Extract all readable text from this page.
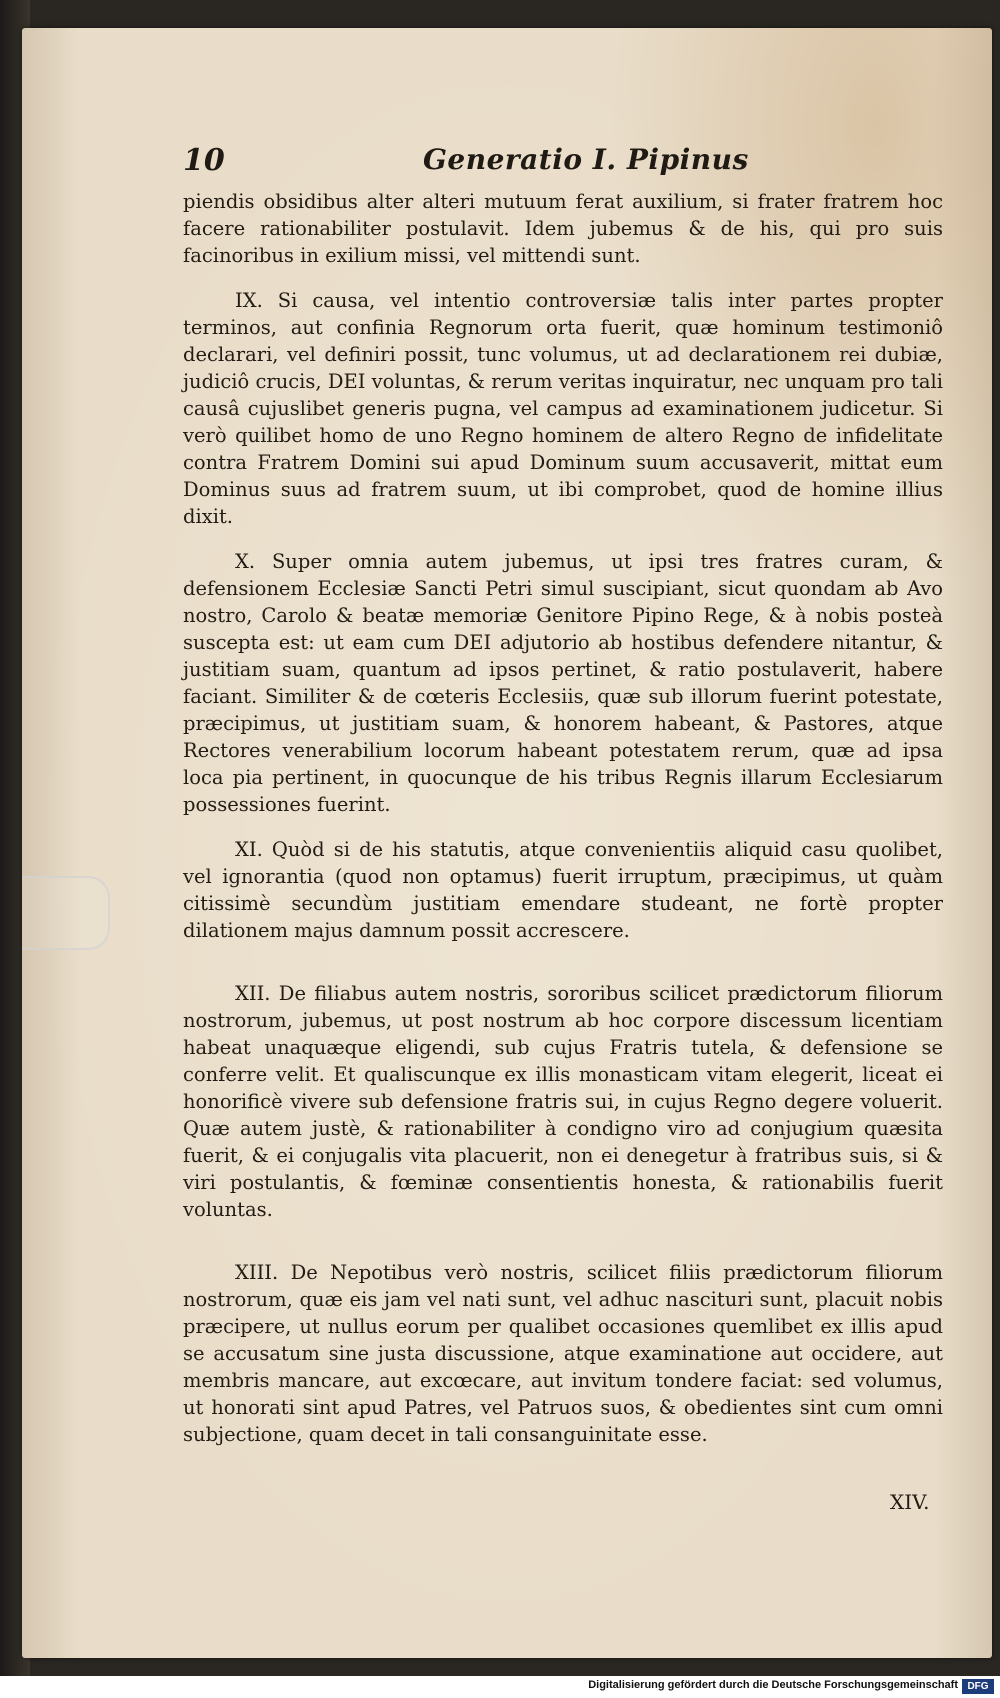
10	Generatio I. Pipinus

piendis obsidibus alter alteri mutuum ferat auxilium, si frater fratrem hoc facere rationabiliter postulavit. Idem jubemus & de his, qui pro suis facinoribus in exilium missi, vel mittendi sunt.

IX. Si causa, vel intentio controversiæ talis inter partes propter terminos, aut confinia Regnorum orta fuerit, quæ hominum testimoniô declarari, vel definiri possit, tunc volumus, ut ad declarationem rei dubiæ, judiciô crucis, DEI voluntas, & rerum veritas inquiratur, nec unquam pro tali causâ cujuslibet generis pugna, vel campus ad examinationem judicetur. Si verò quilibet homo de uno Regno hominem de altero Regno de infidelitate contra Fratrem Domini sui apud Dominum suum accusaverit, mittat eum Dominus suus ad fratrem suum, ut ibi comprobet, quod de homine illius dixit.

X. Super omnia autem jubemus, ut ipsi tres fratres curam, & defensionem Ecclesiæ Sancti Petri simul suscipiant, sicut quondam ab Avo nostro, Carolo & beatæ memoriæ Genitore Pipino Rege, & à nobis posteà suscepta est: ut eam cum DEI adjutorio ab hostibus defendere nitantur, & justitiam suam, quantum ad ipsos pertinet, & ratio postulaverit, habere faciant. Similiter & de cœteris Ecclesiis, quæ sub illorum fuerint potestate, præcipimus, ut justitiam suam, & honorem habeant, & Pastores, atque Rectores venerabilium locorum habeant potestatem rerum, quæ ad ipsa loca pia pertinent, in quocunque de his tribus Regnis illarum Ecclesiarum possessiones fuerint.

XI. Quòd si de his statutis, atque convenientiis aliquid casu quolibet, vel ignorantia (quod non optamus) fuerit irruptum, præcipimus, ut quàm citissimè secundùm justitiam emendare studeant, ne fortè propter dilationem majus damnum possit accrescere.

XII. De filiabus autem nostris, sororibus scilicet prædictorum filiorum nostrorum, jubemus, ut post nostrum ab hoc corpore discessum licentiam habeat unaquæque eligendi, sub cujus Fratris tutela, & defensione se conferre velit. Et qualiscunque ex illis monasticam vitam elegerit, liceat ei honorificè vivere sub defensione fratris sui, in cujus Regno degere voluerit. Quæ autem justè, & rationabiliter à condigno viro ad conjugium quæsita fuerit, & ei conjugalis vita placuerit, non ei denegetur à fratribus suis, si & viri postulantis, & fœminæ consentientis honesta, & rationabilis fuerit voluntas.

XIII. De Nepotibus verò nostris, scilicet filiis prædictorum filiorum nostrorum, quæ eis jam vel nati sunt, vel adhuc nasciturі sunt, placuit nobis præcipere, ut nullus eorum per qualibet occasiones quemlibet ex illis apud se accusatum sine justa discussione, atque examinatione aut occidere, aut membris mancare, aut excœcare, aut invitum tondere faciat: sed volumus, ut honorati sint apud Patres, vel Patruos suos, & obedientes sint cum omni subjectione, quam decet in tali consanguinitate esse.

XIV.
Digitalisierung gefördert durch die Deutsche Forschungsgemeinschaft DFG
